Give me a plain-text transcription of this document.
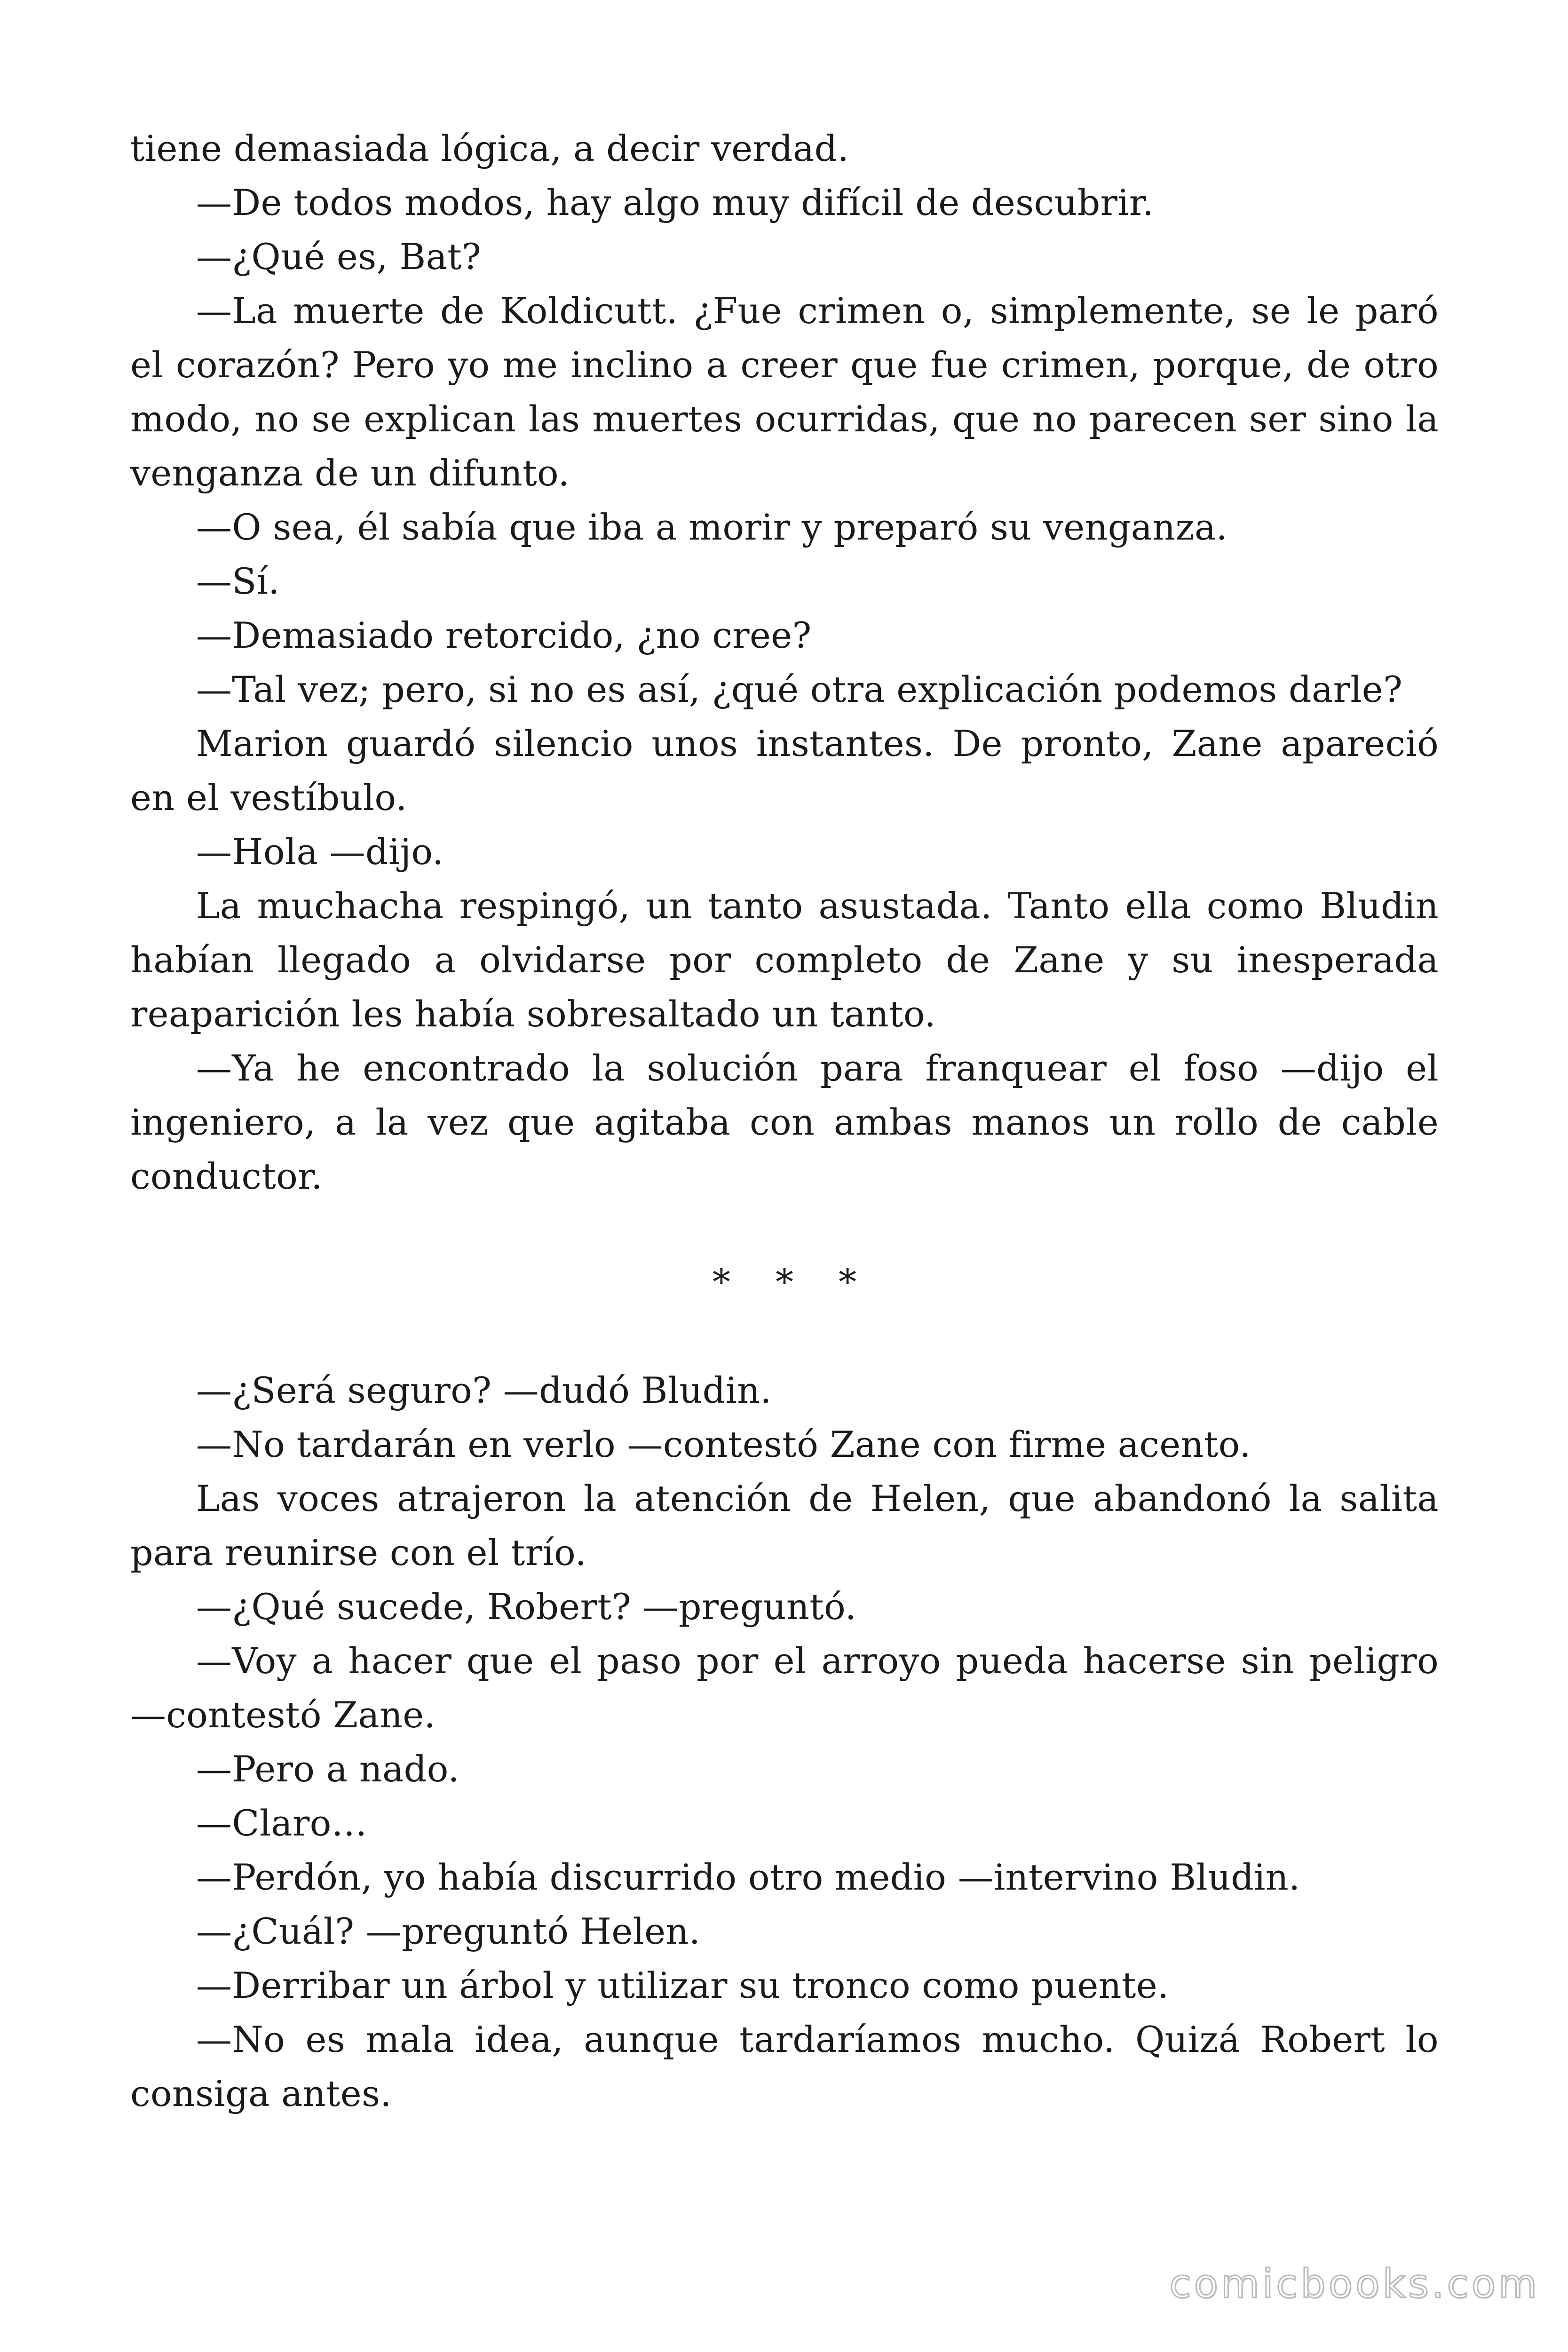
tiene demasiada lógica, a decir verdad.

—De todos modos, hay algo muy difícil de descubrir.

—¿Qué es, Bat?

—La muerte de Koldicutt. ¿Fue crimen o, simplemente, se le paró el corazón? Pero yo me inclino a creer que fue crimen, porque, de otro modo, no se explican las muertes ocurridas, que no parecen ser sino la venganza de un difunto.

—O sea, él sabía que iba a morir y preparó su venganza.

—Sí.

—Demasiado retorcido, ¿no cree?

—Tal vez; pero, si no es así, ¿qué otra explicación podemos darle?

Marion guardó silencio unos instantes. De pronto, Zane apareció en el vestíbulo.

—Hola —dijo.

La muchacha respingó, un tanto asustada. Tanto ella como Bludin habían llegado a olvidarse por completo de Zane y su inesperada reaparición les había sobresaltado un tanto.

—Ya he encontrado la solución para franquear el foso —dijo el ingeniero, a la vez que agitaba con ambas manos un rollo de cable conductor.

* * *

—¿Será seguro? —dudó Bludin.

—No tardarán en verlo —contestó Zane con firme acento.

Las voces atrajeron la atención de Helen, que abandonó la salita para reunirse con el trío.

—¿Qué sucede, Robert? —preguntó.

—Voy a hacer que el paso por el arroyo pueda hacerse sin peligro —contestó Zane.

—Pero a nado.

—Claro…

—Perdón, yo había discurrido otro medio —intervino Bludin.

—¿Cuál? —preguntó Helen.

—Derribar un árbol y utilizar su tronco como puente.

—No es mala idea, aunque tardaríamos mucho. Quizá Robert lo consiga antes.

comicbooks.com
